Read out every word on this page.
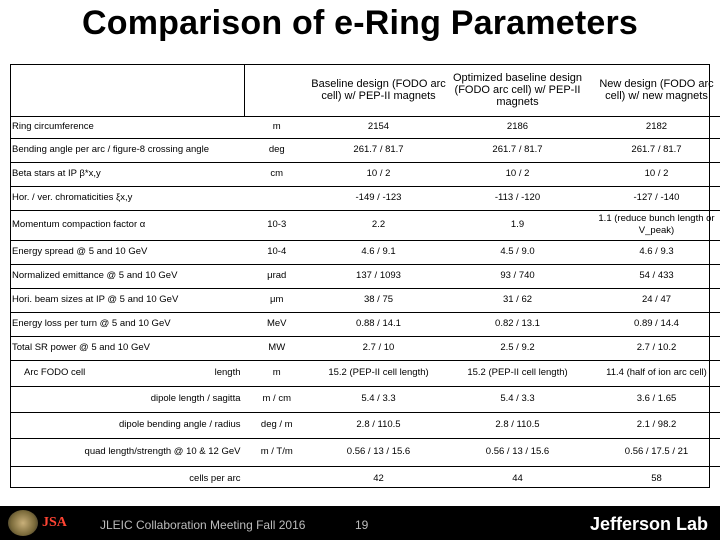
Comparison of e-Ring Parameters
		Baseline design (FODO arc cell) w/ PEP-II magnets	Optimized baseline design (FODO arc cell) w/ PEP-II magnets	New design (FODO arc cell) w/ new magnets
Ring circumference	m	2154	2186	2182
Bending angle per arc / figure-8 crossing angle	deg	261.7 / 81.7	261.7 / 81.7	261.7 / 81.7
Beta stars at IP β*x,y	cm	10 / 2	10 / 2	10 / 2
Hor. / ver. chromaticities ξx,y		-149 / -123	-113 / -120	-127 / -140
Momentum compaction factor α	10-3	2.2	1.9	1.1 (reduce bunch length or V_peak)
Energy spread @ 5 and 10 GeV	10-4	4.6 / 9.1	4.5 / 9.0	4.6 / 9.3
Normalized emittance @ 5 and 10 GeV	μrad	137 / 1093	93 / 740	54 / 433
Hori. beam sizes at IP @ 5 and 10 GeV	μm	38 / 75	31 / 62	24 / 47
Energy loss per turn @ 5 and 10 GeV	MeV	0.88 / 14.1	0.82 / 13.1	0.89 / 14.4
Total SR power @ 5 and 10 GeV	MW	2.7 / 10	2.5 / 9.2	2.7 / 10.2

Arc FODO cell length	m	15.2 (PEP-II cell length)	15.2 (PEP-II cell length)	11.4 (half of ion arc cell)
dipole length / sagitta	m / cm	5.4 / 3.3	5.4 / 3.3	3.6 / 1.65
dipole bending angle / radius	deg / m	2.8 / 110.5	2.8 / 110.5	2.1 / 98.2
quad length/strength @ 10 & 12 GeV	m / T/m	0.56 / 13 / 15.6	0.56 / 13 / 15.6	0.56 / 17.5 / 21
cells per arc		42	44	58
JSA	JLEIC Collaboration Meeting Fall 2016	19	Jefferson Lab
